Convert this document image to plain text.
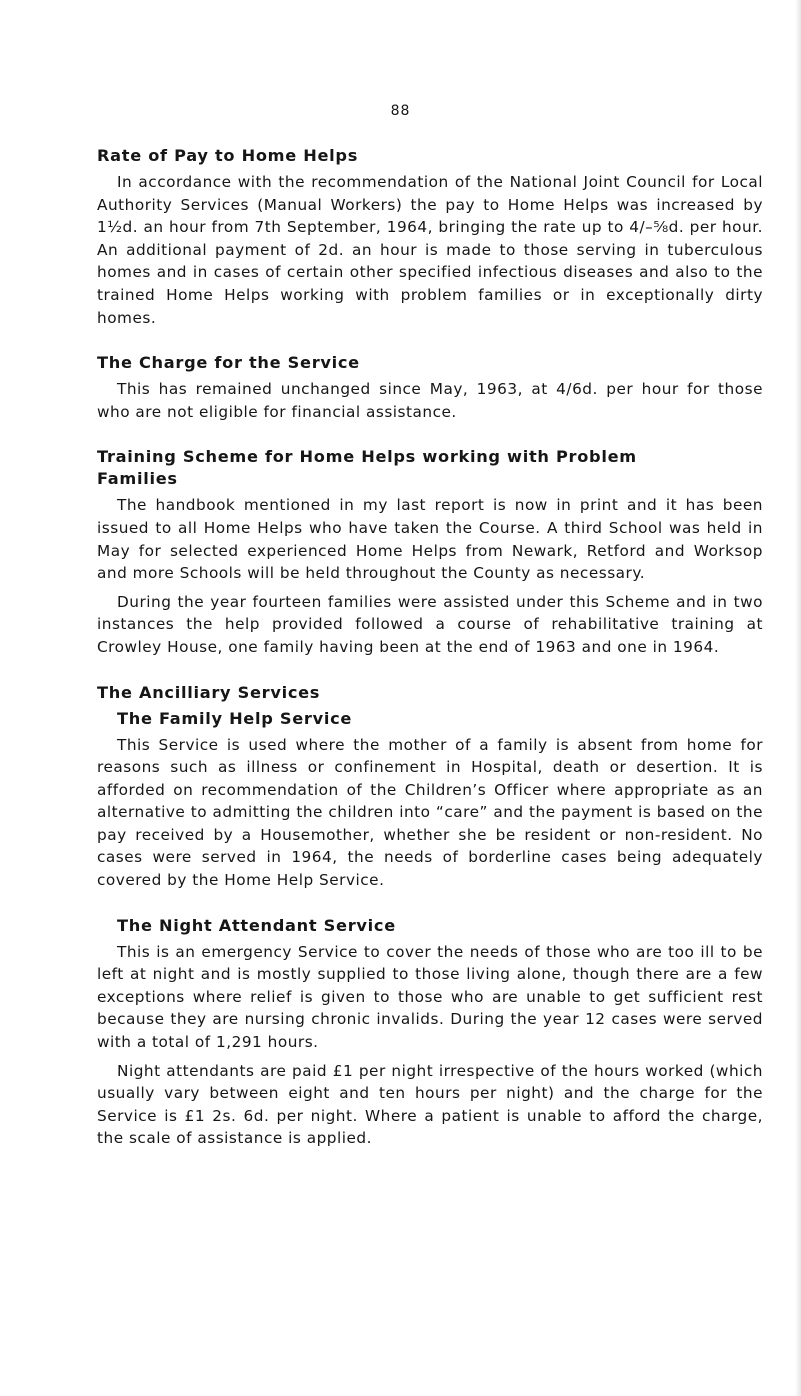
88
Rate of Pay to Home Helps

In accordance with the recommendation of the National Joint Council for Local Authority Services (Manual Workers) the pay to Home Helps was increased by 1½d. an hour from 7th September, 1964, bringing the rate up to 4/–⅝d. per hour. An additional payment of 2d. an hour is made to those serving in tuberculous homes and in cases of certain other specified infectious diseases and also to the trained Home Helps working with problem families or in exceptionally dirty homes.

The Charge for the Service

This has remained unchanged since May, 1963, at 4/6d. per hour for those who are not eligible for financial assistance.

Training Scheme for Home Helps working with Problem Families

The handbook mentioned in my last report is now in print and it has been issued to all Home Helps who have taken the Course. A third School was held in May for selected experienced Home Helps from Newark, Retford and Worksop and more Schools will be held throughout the County as necessary.

During the year fourteen families were assisted under this Scheme and in two instances the help provided followed a course of rehabilitative training at Crowley House, one family having been at the end of 1963 and one in 1964.

The Ancilliary Services
The Family Help Service

This Service is used where the mother of a family is absent from home for reasons such as illness or confinement in Hospital, death or desertion. It is afforded on recommendation of the Children’s Officer where appropriate as an alternative to admitting the children into “care” and the payment is based on the pay received by a Housemother, whether she be resident or non-resident. No cases were served in 1964, the needs of borderline cases being adequately covered by the Home Help Service.

The Night Attendant Service

This is an emergency Service to cover the needs of those who are too ill to be left at night and is mostly supplied to those living alone, though there are a few exceptions where relief is given to those who are unable to get sufficient rest because they are nursing chronic invalids. During the year 12 cases were served with a total of 1,291 hours.

Night attendants are paid £1 per night irrespective of the hours worked (which usually vary between eight and ten hours per night) and the charge for the Service is £1 2s. 6d. per night. Where a patient is unable to afford the charge, the scale of assistance is applied.
